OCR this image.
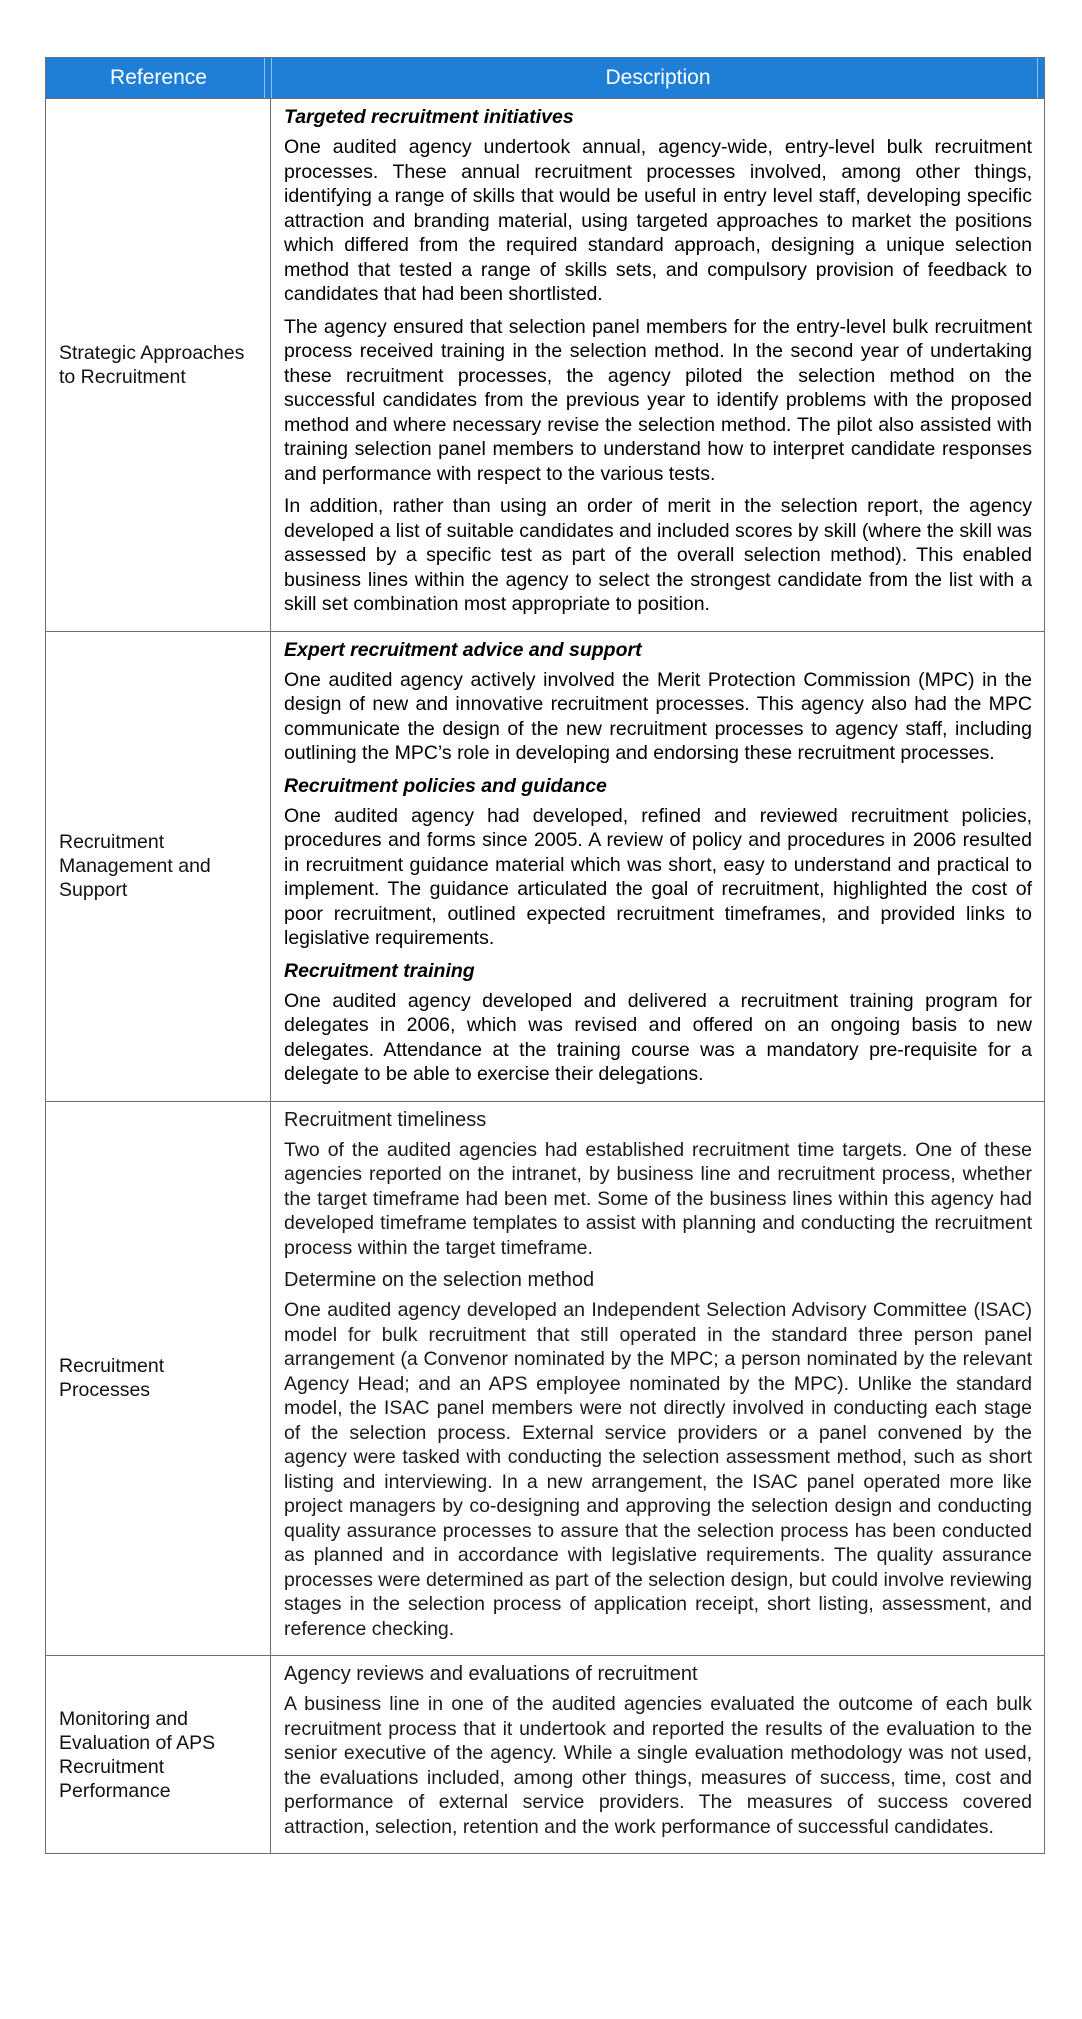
Reference	Description
Strategic Approaches to Recruitment

Targeted recruitment initiatives

One audited agency undertook annual, agency-wide, entry-level bulk recruitment processes. These annual recruitment processes involved, among other things, identifying a range of skills that would be useful in entry level staff, developing specific attraction and branding material, using targeted approaches to market the positions which differed from the required standard approach, designing a unique selection method that tested a range of skills sets, and compulsory provision of feedback to candidates that had been shortlisted.

The agency ensured that selection panel members for the entry-level bulk recruitment process received training in the selection method. In the second year of undertaking these recruitment processes, the agency piloted the selection method on the successful candidates from the previous year to identify problems with the proposed method and where necessary revise the selection method. The pilot also assisted with training selection panel members to understand how to interpret candidate responses and performance with respect to the various tests.

In addition, rather than using an order of merit in the selection report, the agency developed a list of suitable candidates and included scores by skill (where the skill was assessed by a specific test as part of the overall selection method). This enabled business lines within the agency to select the strongest candidate from the list with a skill set combination most appropriate to position.

Recruitment Management and Support

Expert recruitment advice and support

One audited agency actively involved the Merit Protection Commission (MPC) in the design of new and innovative recruitment processes. This agency also had the MPC communicate the design of the new recruitment processes to agency staff, including outlining the MPC’s role in developing and endorsing these recruitment processes.

Recruitment policies and guidance

One audited agency had developed, refined and reviewed recruitment policies, procedures and forms since 2005. A review of policy and procedures in 2006 resulted in recruitment guidance material which was short, easy to understand and practical to implement. The guidance articulated the goal of recruitment, highlighted the cost of poor recruitment, outlined expected recruitment timeframes, and provided links to legislative requirements.

Recruitment training

One audited agency developed and delivered a recruitment training program for delegates in 2006, which was revised and offered on an ongoing basis to new delegates. Attendance at the training course was a mandatory pre-requisite for a delegate to be able to exercise their delegations.

Recruitment Processes

Recruitment timeliness

Two of the audited agencies had established recruitment time targets. One of these agencies reported on the intranet, by business line and recruitment process, whether the target timeframe had been met. Some of the business lines within this agency had developed timeframe templates to assist with planning and conducting the recruitment process within the target timeframe.

Determine on the selection method

One audited agency developed an Independent Selection Advisory Committee (ISAC) model for bulk recruitment that still operated in the standard three person panel arrangement (a Convenor nominated by the MPC; a person nominated by the relevant Agency Head; and an APS employee nominated by the MPC). Unlike the standard model, the ISAC panel members were not directly involved in conducting each stage of the selection process. External service providers or a panel convened by the agency were tasked with conducting the selection assessment method, such as short listing and interviewing. In a new arrangement, the ISAC panel operated more like project managers by co-designing and approving the selection design and conducting quality assurance processes to assure that the selection process has been conducted as planned and in accordance with legislative requirements. The quality assurance processes were determined as part of the selection design, but could involve reviewing stages in the selection process of application receipt, short listing, assessment, and reference checking.

Monitoring and Evaluation of APS Recruitment Performance

Agency reviews and evaluations of recruitment

A business line in one of the audited agencies evaluated the outcome of each bulk recruitment process that it undertook and reported the results of the evaluation to the senior executive of the agency. While a single evaluation methodology was not used, the evaluations included, among other things, measures of success, time, cost and performance of external service providers. The measures of success covered attraction, selection, retention and the work performance of successful candidates.
